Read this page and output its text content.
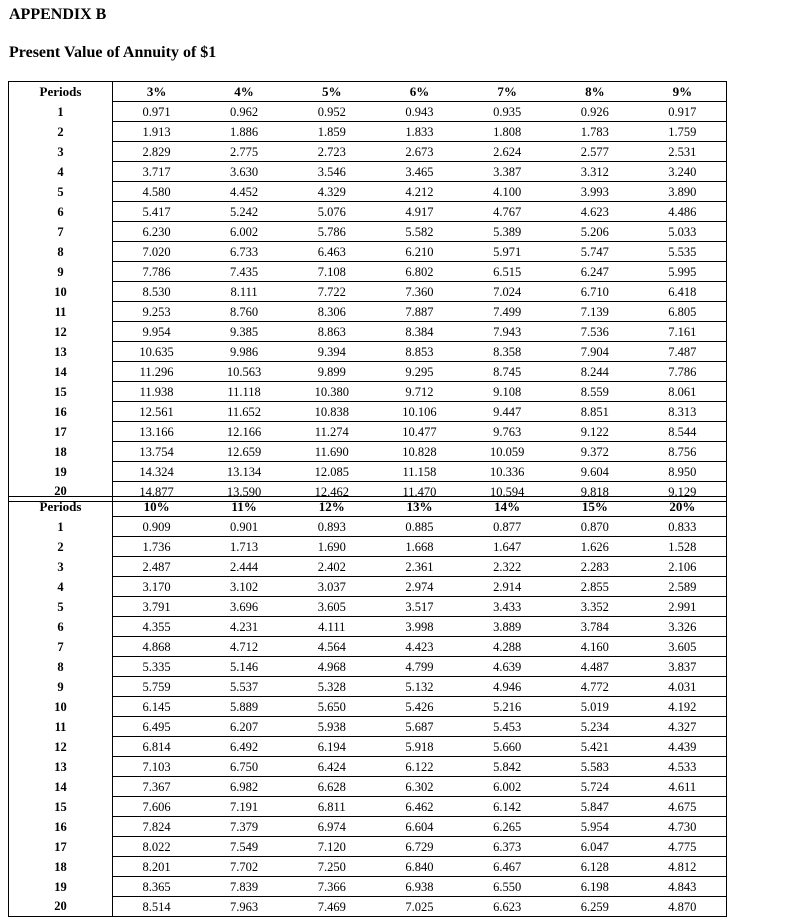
APPENDIX B
Present Value of Annuity of $1
Periods	3%	4%	5%	6%	7%	8%	9%
1	0.971	0.962	0.952	0.943	0.935	0.926	0.917
2	1.913	1.886	1.859	1.833	1.808	1.783	1.759
3	2.829	2.775	2.723	2.673	2.624	2.577	2.531
4	3.717	3.630	3.546	3.465	3.387	3.312	3.240
5	4.580	4.452	4.329	4.212	4.100	3.993	3.890
6	5.417	5.242	5.076	4.917	4.767	4.623	4.486
7	6.230	6.002	5.786	5.582	5.389	5.206	5.033
8	7.020	6.733	6.463	6.210	5.971	5.747	5.535
9	7.786	7.435	7.108	6.802	6.515	6.247	5.995
10	8.530	8.111	7.722	7.360	7.024	6.710	6.418
11	9.253	8.760	8.306	7.887	7.499	7.139	6.805
12	9.954	9.385	8.863	8.384	7.943	7.536	7.161
13	10.635	9.986	9.394	8.853	8.358	7.904	7.487
14	11.296	10.563	9.899	9.295	8.745	8.244	7.786
15	11.938	11.118	10.380	9.712	9.108	8.559	8.061
16	12.561	11.652	10.838	10.106	9.447	8.851	8.313
17	13.166	12.166	11.274	10.477	9.763	9.122	8.544
18	13.754	12.659	11.690	10.828	10.059	9.372	8.756
19	14.324	13.134	12.085	11.158	10.336	9.604	8.950
20	14.877	13.590	12.462	11.470	10.594	9.818	9.129
Periods	10%	11%	12%	13%	14%	15%	20%
1	0.909	0.901	0.893	0.885	0.877	0.870	0.833
2	1.736	1.713	1.690	1.668	1.647	1.626	1.528
3	2.487	2.444	2.402	2.361	2.322	2.283	2.106
4	3.170	3.102	3.037	2.974	2.914	2.855	2.589
5	3.791	3.696	3.605	3.517	3.433	3.352	2.991
6	4.355	4.231	4.111	3.998	3.889	3.784	3.326
7	4.868	4.712	4.564	4.423	4.288	4.160	3.605
8	5.335	5.146	4.968	4.799	4.639	4.487	3.837
9	5.759	5.537	5.328	5.132	4.946	4.772	4.031
10	6.145	5.889	5.650	5.426	5.216	5.019	4.192
11	6.495	6.207	5.938	5.687	5.453	5.234	4.327
12	6.814	6.492	6.194	5.918	5.660	5.421	4.439
13	7.103	6.750	6.424	6.122	5.842	5.583	4.533
14	7.367	6.982	6.628	6.302	6.002	5.724	4.611
15	7.606	7.191	6.811	6.462	6.142	5.847	4.675
16	7.824	7.379	6.974	6.604	6.265	5.954	4.730
17	8.022	7.549	7.120	6.729	6.373	6.047	4.775
18	8.201	7.702	7.250	6.840	6.467	6.128	4.812
19	8.365	7.839	7.366	6.938	6.550	6.198	4.843
20	8.514	7.963	7.469	7.025	6.623	6.259	4.870
